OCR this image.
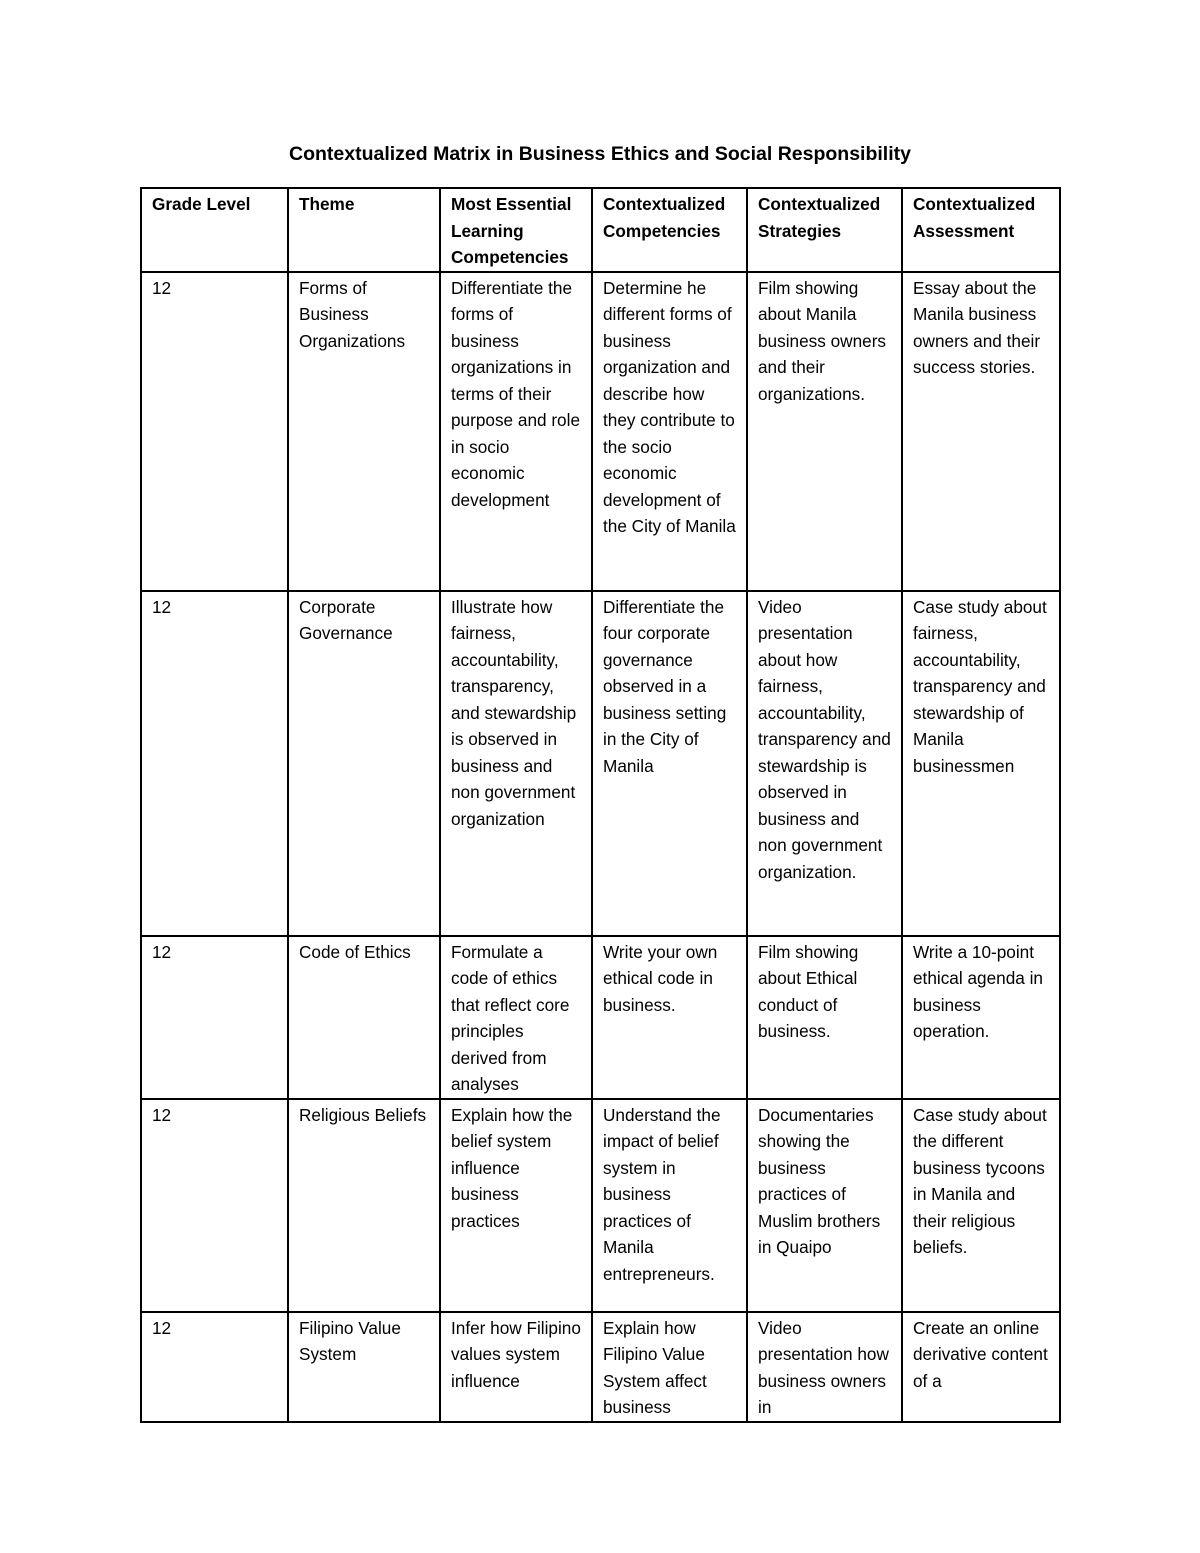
Contextualized Matrix in Business Ethics and Social Responsibility
Grade Level	Theme	Most Essential Learning Competencies	Contextualized Competencies	Contextualized Strategies	Contextualized Assessment
12	Forms of Business Organizations	Differentiate the forms of business organizations in terms of their purpose and role in socio economic development	Determine he different forms of business organization and describe how they contribute to the socio economic development of the City of Manila	Film showing about Manila business owners and their organizations.	Essay about the Manila business owners and their success stories.
12	Corporate Governance	Illustrate how fairness, accountability, transparency, and stewardship is observed in business and non government organization	Differentiate the four corporate governance observed in a business setting in the City of Manila	Video presentation about how fairness, accountability, transparency and stewardship is observed in business and non government organization.	Case study about fairness, accountability, transparency and stewardship of Manila businessmen
12	Code of Ethics	Formulate a code of ethics that reflect core principles derived from analyses	Write your own ethical code in business.	Film showing about Ethical conduct of business.	Write a 10-point ethical agenda in business operation.
12	Religious Beliefs	Explain how the belief system influence business practices	Understand the impact of belief system in business practices of Manila entrepreneurs.	Documentaries showing the business practices of Muslim brothers in Quaipo	Case study about the different business tycoons in Manila and their religious beliefs.
12	Filipino Value System	Infer how Filipino values system influence	Explain how Filipino Value System affect business	Video presentation how business owners in	Create an online derivative content of a
